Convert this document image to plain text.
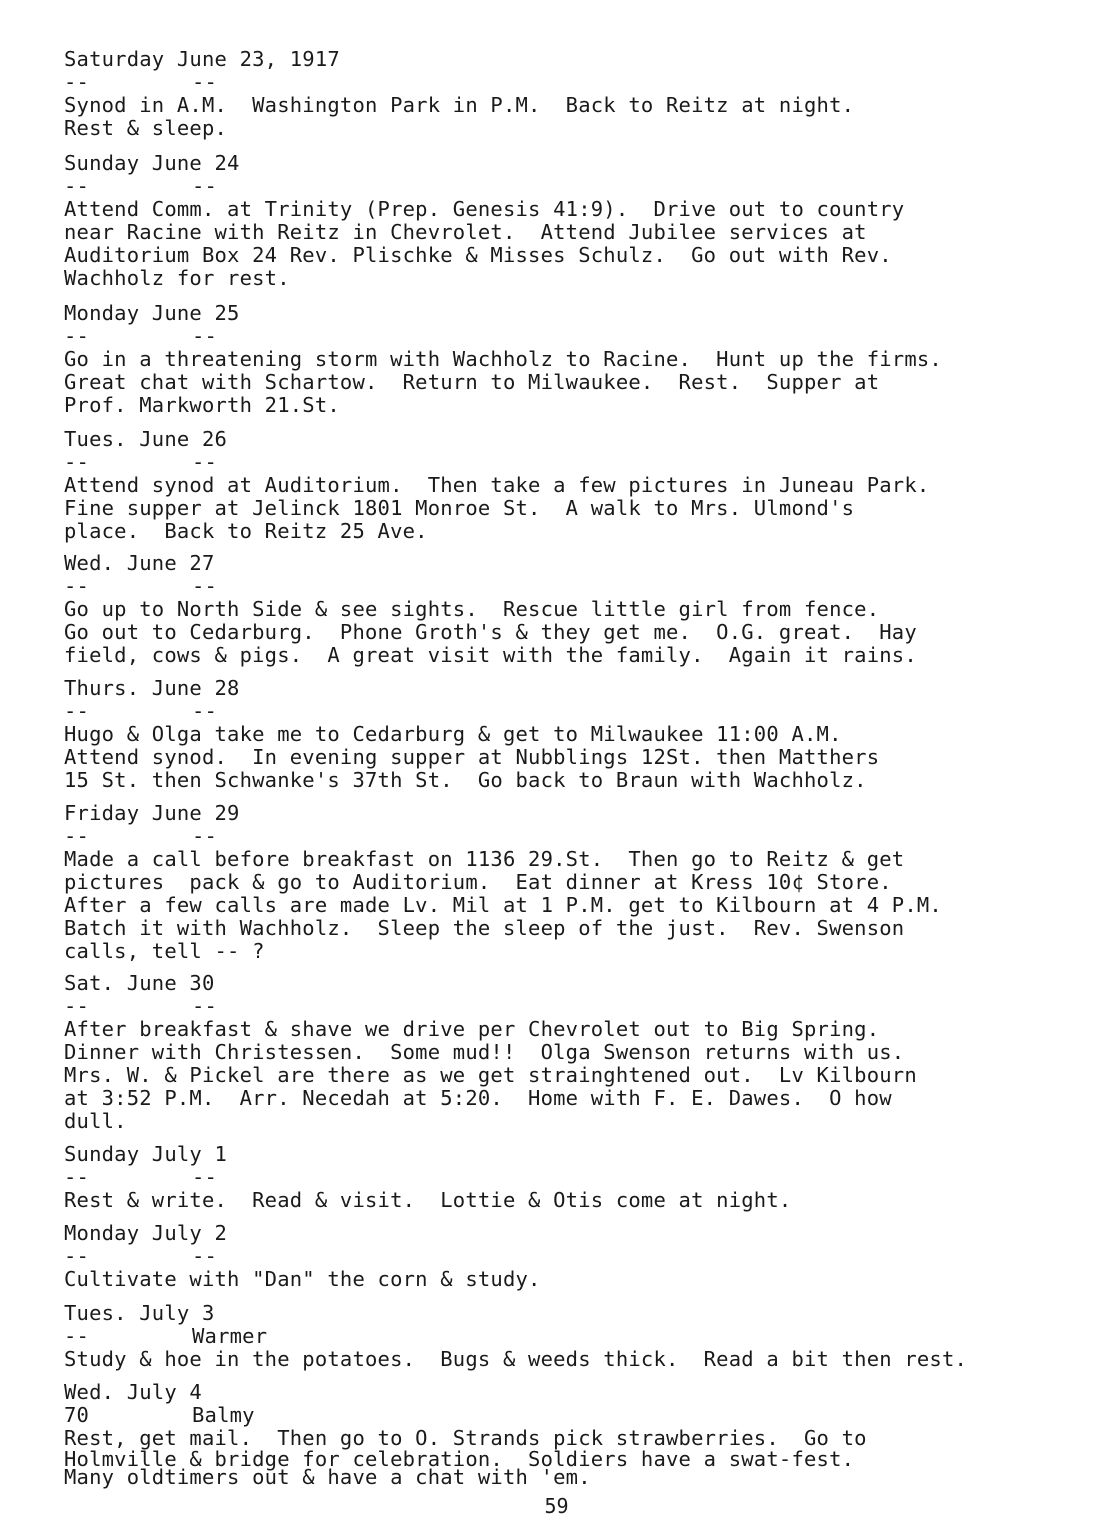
Saturday June 23, 1917
--	--
Synod in A.M.  Washington Park in P.M.  Back to Reitz at night.
Rest & sleep.
Sunday June 24
--	--
Attend Comm. at Trinity (Prep. Genesis 41:9).  Drive out to country
near Racine with Reitz in Chevrolet.  Attend Jubilee services at
Auditorium Box 24 Rev. Plischke & Misses Schulz.  Go out with Rev.
Wachholz for rest.
Monday June 25
--	--
Go in a threatening storm with Wachholz to Racine.  Hunt up the firms.
Great chat with Schartow.  Return to Milwaukee.  Rest.  Supper at
Prof. Markworth 21.St.
Tues. June 26
--	--
Attend synod at Auditorium.  Then take a few pictures in Juneau Park.
Fine supper at Jelinck 1801 Monroe St.  A walk to Mrs. Ulmond's
place.  Back to Reitz 25 Ave.
Wed. June 27
--	--
Go up to North Side & see sights.  Rescue little girl from fence.
Go out to Cedarburg.  Phone Groth's & they get me.  O.G. great.  Hay
field, cows & pigs.  A great visit with the family.  Again it rains.
Thurs. June 28
--	--
Hugo & Olga take me to Cedarburg & get to Milwaukee 11:00 A.M.
Attend synod.  In evening supper at Nubblings 12St. then Matthers
15 St. then Schwanke's 37th St.  Go back to Braun with Wachholz.
Friday June 29
--	--
Made a call before breakfast on 1136 29.St.  Then go to Reitz & get
pictures  pack & go to Auditorium.  Eat dinner at Kress 10¢ Store.
After a few calls are made Lv. Mil at 1 P.M. get to Kilbourn at 4 P.M.
Batch it with Wachholz.  Sleep the sleep of the just.  Rev. Swenson
calls, tell -- ?
Sat. June 30
--	--
After breakfast & shave we drive per Chevrolet out to Big Spring.
Dinner with Christessen.  Some mud!!  Olga Swenson returns with us.
Mrs. W. & Pickel are there as we get strainghtened out.  Lv Kilbourn
at 3:52 P.M.  Arr. Necedah at 5:20.  Home with F. E. Dawes.  O how
dull.
Sunday July 1
--	--
Rest & write.  Read & visit.  Lottie & Otis come at night.
Monday July 2
--	--
Cultivate with "Dan" the corn & study.
Tues. July 3
--	Warmer
Study & hoe in the potatoes.  Bugs & weeds thick.  Read a bit then rest.
Wed. July 4
70	Balmy
Rest, get mail.  Then go to O. Strands pick strawberries.  Go to
Holmville & bridge for celebration.  Soldiers have a swat-fest.
Many oldtimers out & have a chat with 'em.
59
